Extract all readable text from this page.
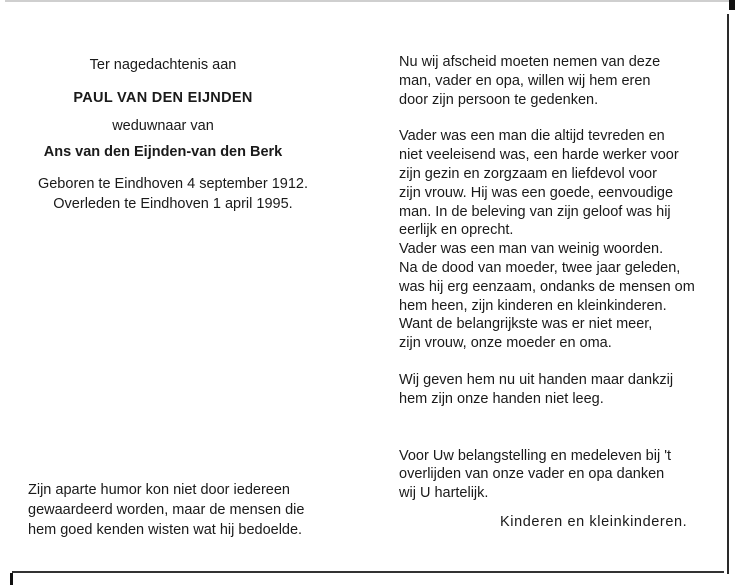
Ter nagedachtenis aan
PAUL VAN DEN EIJNDEN
weduwnaar van
Ans van den Eijnden-van den Berk
Geboren te Eindhoven 4 september 1912.
Overleden te Eindhoven 1 april 1995.
Zijn aparte humor kon niet door iedereen
gewaardeerd worden, maar de mensen die
hem goed kenden wisten wat hij bedoelde.
Nu wij afscheid moeten nemen van deze
man, vader en opa, willen wij hem eren
door zijn persoon te gedenken.
Vader was een man die altijd tevreden en
niet veeleisend was, een harde werker voor
zijn gezin en zorgzaam en liefdevol voor
zijn vrouw. Hij was een goede, eenvoudige
man. In de beleving van zijn geloof was hij
eerlijk en oprecht.
Vader was een man van weinig woorden.
Na de dood van moeder, twee jaar geleden,
was hij erg eenzaam, ondanks de mensen om
hem heen, zijn kinderen en kleinkinderen.
Want de belangrijkste was er niet meer,
zijn vrouw, onze moeder en oma.
Wij geven hem nu uit handen maar dankzij
hem zijn onze handen niet leeg.
Voor Uw belangstelling en medeleven bij 't
overlijden van onze vader en opa danken
wij U hartelijk.
Kinderen en kleinkinderen.
